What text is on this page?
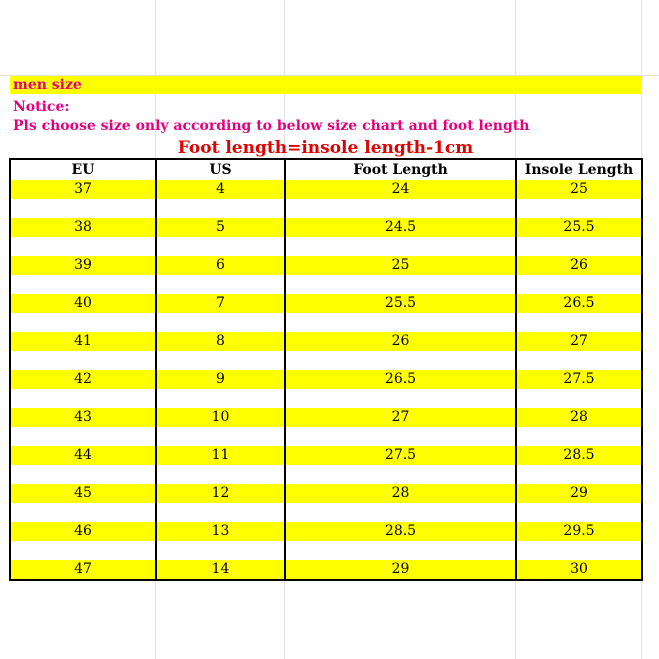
men size
Notice:
Pls choose size only according to below size chart and foot length
Foot length=insole length-1cm
EU	US	Foot Length	Insole Length
37	4	24	25

38	5	24.5	25.5

39	6	25	26

40	7	25.5	26.5

41	8	26	27

42	9	26.5	27.5

43	10	27	28

44	11	27.5	28.5

45	12	28	29

46	13	28.5	29.5

47	14	29	30
